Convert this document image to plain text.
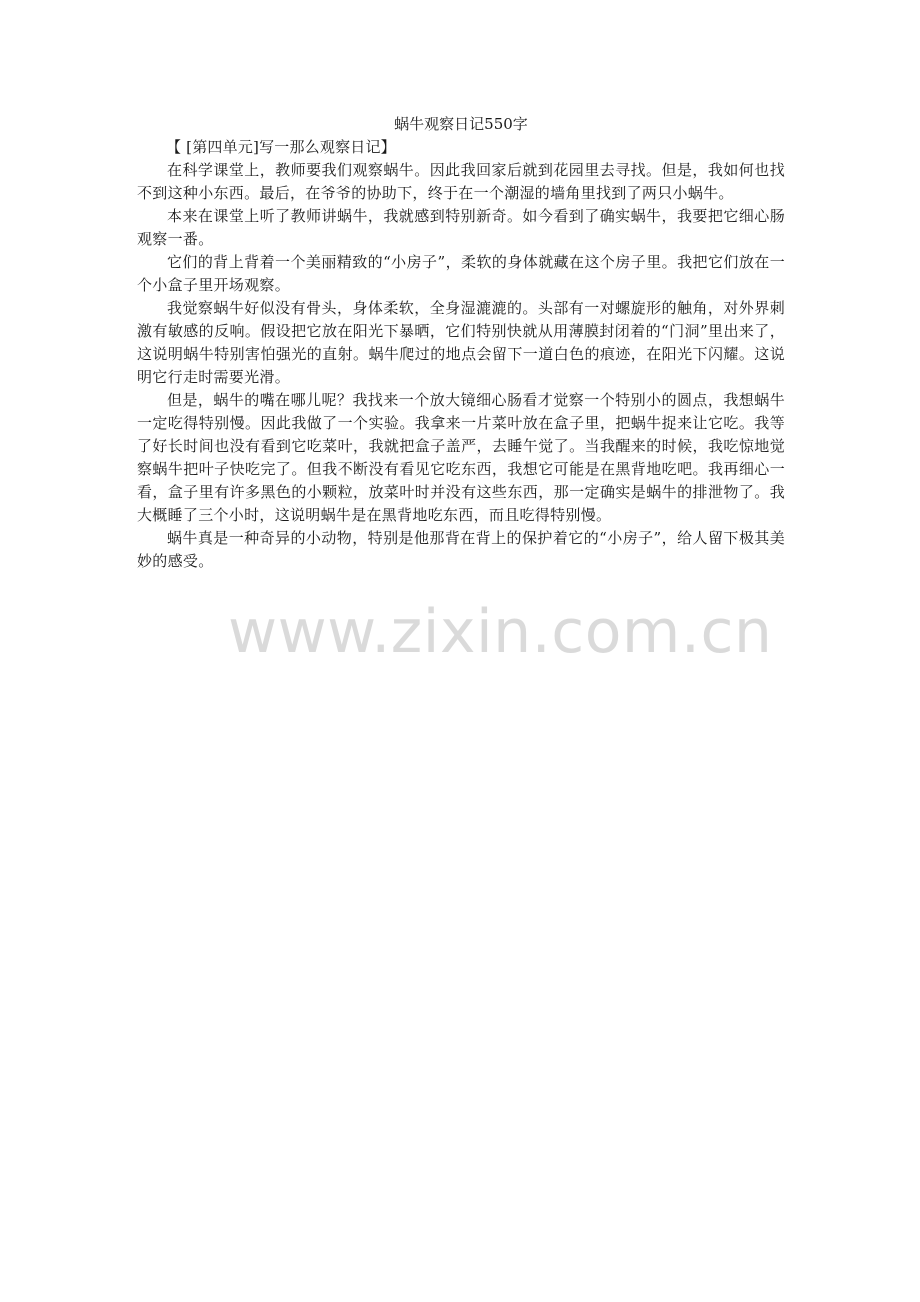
蜗牛观察日记550字

【 [第四单元]写一那么观察日记】

在科学课堂上，教师要我们观察蜗牛。因此我回家后就到花园里去寻找。但是，我如何也找不到这种小东西。最后，在爷爷的协助下，终于在一个潮湿的墙角里找到了两只小蜗牛。

本来在课堂上听了教师讲蜗牛，我就感到特别新奇。如今看到了确实蜗牛，我要把它细心肠观察一番。

它们的背上背着一个美丽精致的“小房子”，柔软的身体就藏在这个房子里。我把它们放在一个小盒子里开场观察。

我觉察蜗牛好似没有骨头，身体柔软，全身湿漉漉的。头部有一对螺旋形的触角，对外界刺激有敏感的反响。假设把它放在阳光下暴晒，它们特别快就从用薄膜封闭着的“门洞”里出来了，这说明蜗牛特别害怕强光的直射。蜗牛爬过的地点会留下一道白色的痕迹，在阳光下闪耀。这说明它行走时需要光滑。

但是，蜗牛的嘴在哪儿呢？我找来一个放大镜细心肠看才觉察一个特别小的圆点，我想蜗牛一定吃得特别慢。因此我做了一个实验。我拿来一片菜叶放在盒子里，把蜗牛捉来让它吃。我等了好长时间也没有看到它吃菜叶，我就把盒子盖严，去睡午觉了。当我醒来的时候，我吃惊地觉察蜗牛把叶子快吃完了。但我不断没有看见它吃东西，我想它可能是在黑背地吃吧。我再细心一看，盒子里有许多黑色的小颗粒，放菜叶时并没有这些东西，那一定确实是蜗牛的排泄物了。我大概睡了三个小时，这说明蜗牛是在黑背地吃东西，而且吃得特别慢。

蜗牛真是一种奇异的小动物，特别是他那背在背上的保护着它的“小房子”，给人留下极其美妙的感受。

www.zixin.com.cn
